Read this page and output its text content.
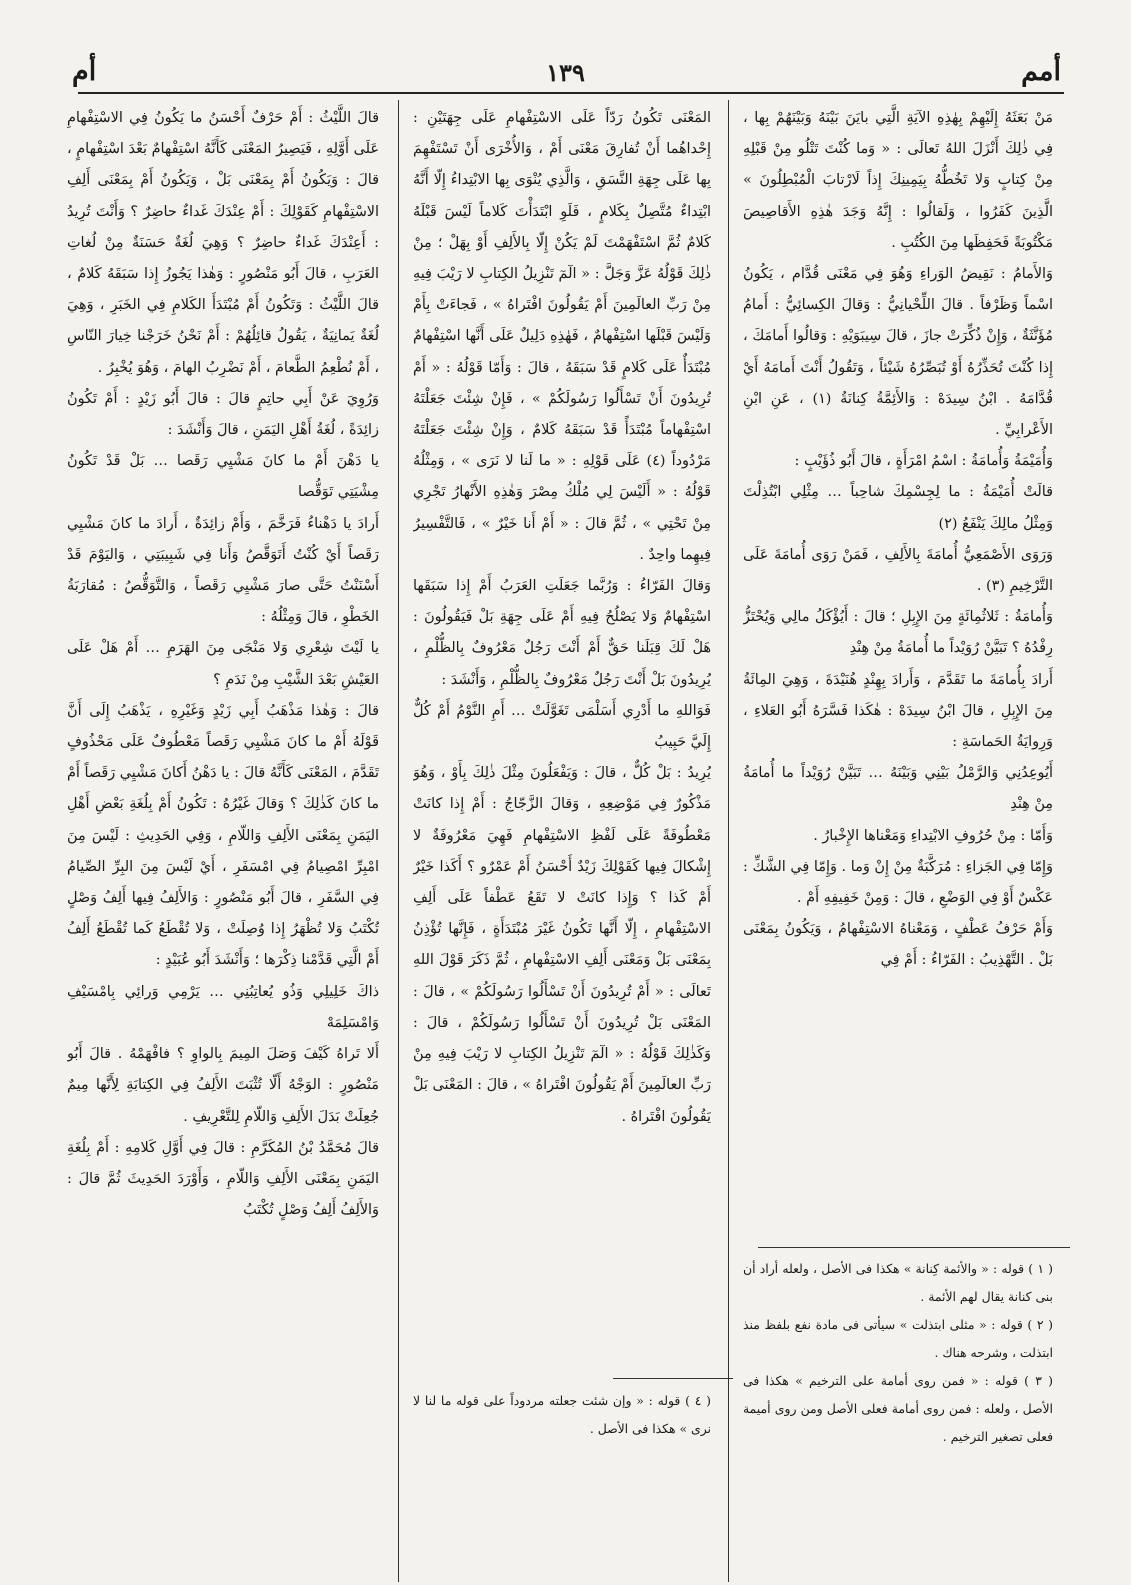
أمم
١٣٩
أم

مَنْ بَعَثَهُ إِلَيْهِمْ بِهٰذِهِ الآيَةِ الَّتِي بايَنَ بَيْنَهُ وَبَيْنَهُمْ بِها ، فِي ذٰلِكَ أَنْزَلَ اللهُ تَعالَى : « وَما كُنْتَ تَتْلُو مِنْ قَبْلِهِ مِنْ كِتابٍ وَلا تَخُطُّهُ بِيَمِينِكَ إِذاً لَارْتابَ الْمُبْطِلُونَ » الَّذِينَ كَفَرُوا ، وَلَقالُوا : إِنَّهُ وَجَدَ هٰذِهِ الأَقاصِيصَ مَكْتُوبَةً فَحَفِظَها مِنَ الكُتُبِ .

وَالأَمامُ : نَقِيضُ الوَراءِ وَهُوَ فِي مَعْنَى قُدَّام ، يَكُونُ اسْماً وَظَرْفاً . قالَ اللِّحْيانِيُّ : وَقالَ الكِسائِيُّ : أَمامُ مُؤَنَّثَةٌ ، وَإِنْ ذُكِّرَتْ جازَ ، قالَ سِيبَوَيْهِ : وَقالُوا أَمامَكَ ، إِذا كُنْتَ تُحَذِّرُهُ أَوْ تُبَصِّرُهُ شَيْئاً ، وَتَقُولُ أَنْتَ أَمامَهُ أَيْ قُدَّامَهُ . ابْنُ سِيدَهْ : وَالأَئِمَّةُ كِنانَةُ (١) ، عَنِ ابْنِ الأَعْرابِيِّ .

وَأُمَيْمَةُ وَأُمامَةُ : اسْمُ امْرَأَةٍ ، قالَ أَبُو ذُؤَيْبٍ :

قالَتْ أُمَيْمَةُ : ما لِجِسْمِكَ شاحِباً … مِثْلِي ابْتُذِلْتَ وَمِثْلُ مالِكَ يَنْفَعُ (٢)

وَرَوَى الأَصْمَعِيُّ أُمامَةَ بِالأَلِفِ ، فَمَنْ رَوَى أُمامَةَ عَلَى التَّرْخِيمِ (٣) .

وَأُمامَةُ : ثَلاثُمِائَةٍ مِنَ الإِبِلِ ؛ قالَ : أَيُؤْكَلُ مالِي وَيُحْتَزُّ رِفْدُهُ ؟ تَبَيَّنْ رُوَيْداً ما أُمامَةُ مِنْ هِنْدِ

أَرادَ بِأُمامَةَ ما تَقَدَّمَ ، وَأَرادَ بِهِنْدٍ هُنَيْدَةَ ، وَهِيَ المِائَةُ مِنَ الإِبِلِ ، قالَ ابْنُ سِيدَهْ : هٰكَذا فَسَّرَهُ أَبُو العَلاءِ ، وَرِوايَةُ الحَماسَةِ :

أَيُوعِدُنِي وَالرَّمْلُ بَيْنِي وَبَيْنَهُ … تَبَيَّنْ رُوَيْداً ما أُمامَةُ مِنْ هِنْدِ

وَأَمّا : مِنْ حُرُوفِ الابْتِداءِ وَمَعْناها الإِخْبارُ .

وَإِمّا فِي الجَزاءِ : مُرَكَّبَةٌ مِنْ إِنْ وَما . وَإِمّا فِي الشَّكِّ : عَكْسٌ أَوْ فِي الوَضْعِ ، قالَ : وَمِنْ خَفِيفِهِ أَمْ .

وَأَمْ حَرْفُ عَطْفٍ ، وَمَعْناهُ الاسْتِفْهامُ ، وَيَكُونُ بِمَعْنَى بَلْ . التَّهْذِيبُ : الفَرّاءُ : أَمْ فِي

المَعْنَى تَكُونُ رَدّاً عَلَى الاسْتِفْهامِ عَلَى جِهَتَيْنِ : إِحْداهُما أَنْ تُفارِقَ مَعْنَى أَمْ ، وَالأُخْرَى أَنْ تَسْتَفْهِمَ بِها عَلَى جِهَةِ النَّسَقِ ، وَالَّذِي يُنْوَى بِها الابْتِداءُ إِلّا أَنَّهُ ابْتِداءٌ مُتَّصِلٌ بِكَلامٍ ، فَلَوِ ابْتَدَأْتَ كَلاماً لَيْسَ قَبْلَهُ كَلامٌ ثُمَّ اسْتَفْهَمْتَ لَمْ يَكُنْ إِلّا بِالأَلِفِ أَوْ بِهَلْ ؛ مِنْ ذٰلِكَ قَوْلُهُ عَزَّ وَجَلَّ : « الٓمٓ تَنْزِيلُ الكِتابِ لا رَيْبَ فِيهِ مِنْ رَبِّ العالَمِينَ أَمْ يَقُولُونَ افْتَراهُ » ، فَجاءَتْ بِأَمْ وَلَيْسَ قَبْلَها اسْتِفْهامٌ ، فَهٰذِهِ دَلِيلٌ عَلَى أَنَّها اسْتِفْهامٌ مُبْتَدَأٌ عَلَى كَلامٍ قَدْ سَبَقَهُ ، قالَ : وَأَمّا قَوْلُهُ : « أَمْ تُرِيدُونَ أَنْ تَسْأَلُوا رَسُولَكُمْ » ، فَإِنْ شِئْتَ جَعَلْتَهُ اسْتِفْهاماً مُبْتَدَأً قَدْ سَبَقَهُ كَلامٌ ، وَإِنْ شِئْتَ جَعَلْتَهُ مَرْدُوداً (٤) عَلَى قَوْلِهِ : « ما لَنا لا نَرَى » ، وَمِثْلُهُ قَوْلُهُ : « أَلَيْسَ لِي مُلْكُ مِصْرَ وَهٰذِهِ الأَنْهارُ تَجْرِي مِنْ تَحْتِي » ، ثُمَّ قالَ : « أَمْ أَنا خَيْرٌ » ، فَالتَّفْسِيرُ فِيهِما واحِدٌ .

وَقالَ الفَرّاءُ : وَرُبَّما جَعَلَتِ العَرَبُ أَمْ إِذا سَبَقَها اسْتِفْهامٌ وَلا يَصْلُحُ فِيهِ أَمْ عَلَى جِهَةِ بَلْ فَيَقُولُونَ : هَلْ لَكَ قِبَلَنا حَقٌّ أَمْ أَنْتَ رَجُلٌ مَعْرُوفٌ بِالظُّلْمِ ، يُرِيدُونَ بَلْ أَنْتَ رَجُلٌ مَعْرُوفٌ بِالظُّلْمِ ، وَأَنْشَدَ :

فَوَاللهِ ما أَدْرِي أَسَلْمَى تَغَوَّلَتْ … أَمِ النَّوْمُ أَمْ كُلٌّ إِلَيَّ حَبِيبُ

يُرِيدُ : بَلْ كُلٌّ ، قالَ : وَيَفْعَلُونَ مِثْلَ ذٰلِكَ بِأَوْ ، وَهُوَ مَذْكُورٌ فِي مَوْضِعِهِ ، وَقالَ الزَّجّاجُ : أَمْ إِذا كانَتْ مَعْطُوفَةً عَلَى لَفْظِ الاسْتِفْهامِ فَهِيَ مَعْرُوفَةٌ لا إِشْكالَ فِيها كَقَوْلِكَ زَيْدٌ أَحْسَنُ أَمْ عَمْرٌو ؟ أَكَذا خَيْرٌ أَمْ كَذا ؟ وَإِذا كانَتْ لا تَقَعُ عَطْفاً عَلَى أَلِفِ الاسْتِفْهامِ ، إِلّا أَنَّها تَكُونُ غَيْرَ مُبْتَدَأَةٍ ، فَإِنَّها تُؤْذِنُ بِمَعْنَى بَلْ وَمَعْنَى أَلِفِ الاسْتِفْهامِ ، ثُمَّ ذَكَرَ قَوْلَ اللهِ تَعالَى : « أَمْ تُرِيدُونَ أَنْ تَسْأَلُوا رَسُولَكُمْ » ، قالَ : المَعْنَى بَلْ تُرِيدُونَ أَنْ تَسْأَلُوا رَسُولَكُمْ ، قالَ : وَكَذٰلِكَ قَوْلُهُ : « الٓمٓ تَنْزِيلُ الكِتابِ لا رَيْبَ فِيهِ مِنْ رَبِّ العالَمِينَ أَمْ يَقُولُونَ افْتَراهُ » ، قالَ : المَعْنَى بَلْ يَقُولُونَ افْتَراهُ .

قالَ اللَّيْثُ : أَمْ حَرْفٌ أَحْسَنُ ما يَكُونُ فِي الاسْتِفْهامِ عَلَى أَوَّلِهِ ، فَيَصِيرُ المَعْنَى كَأَنَّهُ اسْتِفْهامٌ بَعْدَ اسْتِفْهامٍ ، قالَ : وَيَكُونُ أَمْ بِمَعْنَى بَلْ ، وَيَكُونُ أَمْ بِمَعْنَى أَلِفِ الاسْتِفْهامِ كَقَوْلِكَ : أَمْ عِنْدَكَ غَداءٌ حاضِرٌ ؟ وَأَنْتَ تُرِيدُ : أَعِنْدَكَ غَداءٌ حاضِرٌ ؟ وَهِيَ لُغَةٌ حَسَنَةٌ مِنْ لُغاتِ العَرَبِ ، قالَ أَبُو مَنْصُورٍ : وَهٰذا يَجُوزُ إِذا سَبَقَهُ كَلامٌ ، قالَ اللَّيْثُ : وَتَكُونُ أَمْ مُبْتَدَأَ الكَلامِ فِي الخَبَرِ ، وَهِيَ لُغَةٌ يَمانِيَةٌ ، يَقُولُ قائِلُهُمْ : أَمْ نَحْنُ خَرَجْنا خِيارَ النّاسِ ، أَمْ نُطْعِمُ الطَّعامَ ، أَمْ نَضْرِبُ الهامَ ، وَهُوَ يُخْبِرُ .

وَرُوِيَ عَنْ أَبِي حاتِمٍ قالَ : قالَ أَبُو زَيْدٍ : أَمْ تَكُونُ زائِدَةً ، لُغَةُ أَهْلِ اليَمَنِ ، قالَ وَأَنْشَدَ :

يا دَهْنَ أَمْ ما كانَ مَشْيِي رَقَصا … بَلْ قَدْ تَكُونُ مِشْيَتِي تَوَقُّصا

أَرادَ يا دَهْناءُ فَرَخَّمَ ، وَأَمْ زائِدَةٌ ، أَرادَ ما كانَ مَشْيِي رَقَصاً أَيْ كُنْتُ أَتَوَقَّصُ وَأَنا فِي شَبِيبَتِي ، وَاليَوْمَ قَدْ أَسْنَنْتُ حَتَّى صارَ مَشْيِي رَقَصاً ، وَالتَّوَقُّصُ : مُقارَبَةُ الخَطْوِ ، قالَ وَمِثْلُهُ :

يا لَيْتَ شِعْرِي وَلا مَنْجَى مِنَ الهَرَمِ … أَمْ هَلْ عَلَى العَيْشِ بَعْدَ الشَّيْبِ مِنْ نَدَمِ ؟

قالَ : وَهٰذا مَذْهَبُ أَبِي زَيْدٍ وَغَيْرِهِ ، يَذْهَبُ إِلَى أَنَّ قَوْلَهُ أَمْ ما كانَ مَشْيِي رَقَصاً مَعْطُوفٌ عَلَى مَحْذُوفٍ تَقَدَّمَ ، المَعْنَى كَأَنَّهُ قالَ : يا دَهْنُ أَكانَ مَشْيِي رَقَصاً أَمْ ما كانَ كَذٰلِكَ ؟ وَقالَ غَيْرُهُ : تَكُونُ أَمْ بِلُغَةِ بَعْضِ أَهْلِ اليَمَنِ بِمَعْنَى الأَلِفِ وَاللّامِ ، وَفِي الحَدِيثِ : لَيْسَ مِنَ امْبِرِّ امْصِيامُ فِي امْسَفَرِ ، أَيْ لَيْسَ مِنَ البِرِّ الصِّيامُ فِي السَّفَرِ ، قالَ أَبُو مَنْصُورٍ : وَالأَلِفُ فِيها أَلِفُ وَصْلٍ تُكْتَبُ وَلا تُظْهَرُ إِذا وُصِلَتْ ، وَلا تُقْطَعُ كَما تُقْطَعُ أَلِفُ أَمْ الَّتِي قَدَّمْنا ذِكْرَها ؛ وَأَنْشَدَ أَبُو عُبَيْدٍ :

ذاكَ خَلِيلِي وَذُو يُعاتِبُنِي … يَرْمِي وَرائِي بِامْسَيْفِ وَامْسَلِمَهْ

أَلا تَراهُ كَيْفَ وَصَلَ المِيمَ بِالواوِ ؟ فافْهَمْهُ . قالَ أَبُو مَنْصُورٍ : الوَجْهُ أَلّا تُثْبَتَ الأَلِفُ فِي الكِتابَةِ لِأَنَّها مِيمٌ جُعِلَتْ بَدَلَ الأَلِفِ وَاللّامِ لِلتَّعْرِيفِ .

قالَ مُحَمَّدُ بْنُ المُكَرَّمِ : قالَ فِي أَوَّلِ كَلامِهِ : أَمْ بِلُغَةِ اليَمَنِ بِمَعْنَى الأَلِفِ وَاللّامِ ، وَأَوْرَدَ الحَدِيثَ ثُمَّ قالَ : وَالأَلِفُ أَلِفُ وَصْلٍ تُكْتَبُ

( ١ ) قوله : « والأئمة كِنانة » هكذا فى الأصل ، ولعله أراد أن بنى كنانة يقال لهم الأئمة .

( ٢ ) قوله : « مثلى ابتذلت » سيأتى فى مادة نفع بلفظ منذ ابتذلت ، وشرحه هناك .

( ٣ ) قوله : « فمن روى أمامة على الترخيم » هكذا فى الأصل ، ولعله : فمن روى أمامة فعلى الأصل ومن روى أميمة فعلى تصغير الترخيم .

( ٤ ) قوله : « وإن شئت جعلته مردوداً على قوله ما لنا لا نرى » هكذا فى الأصل .
